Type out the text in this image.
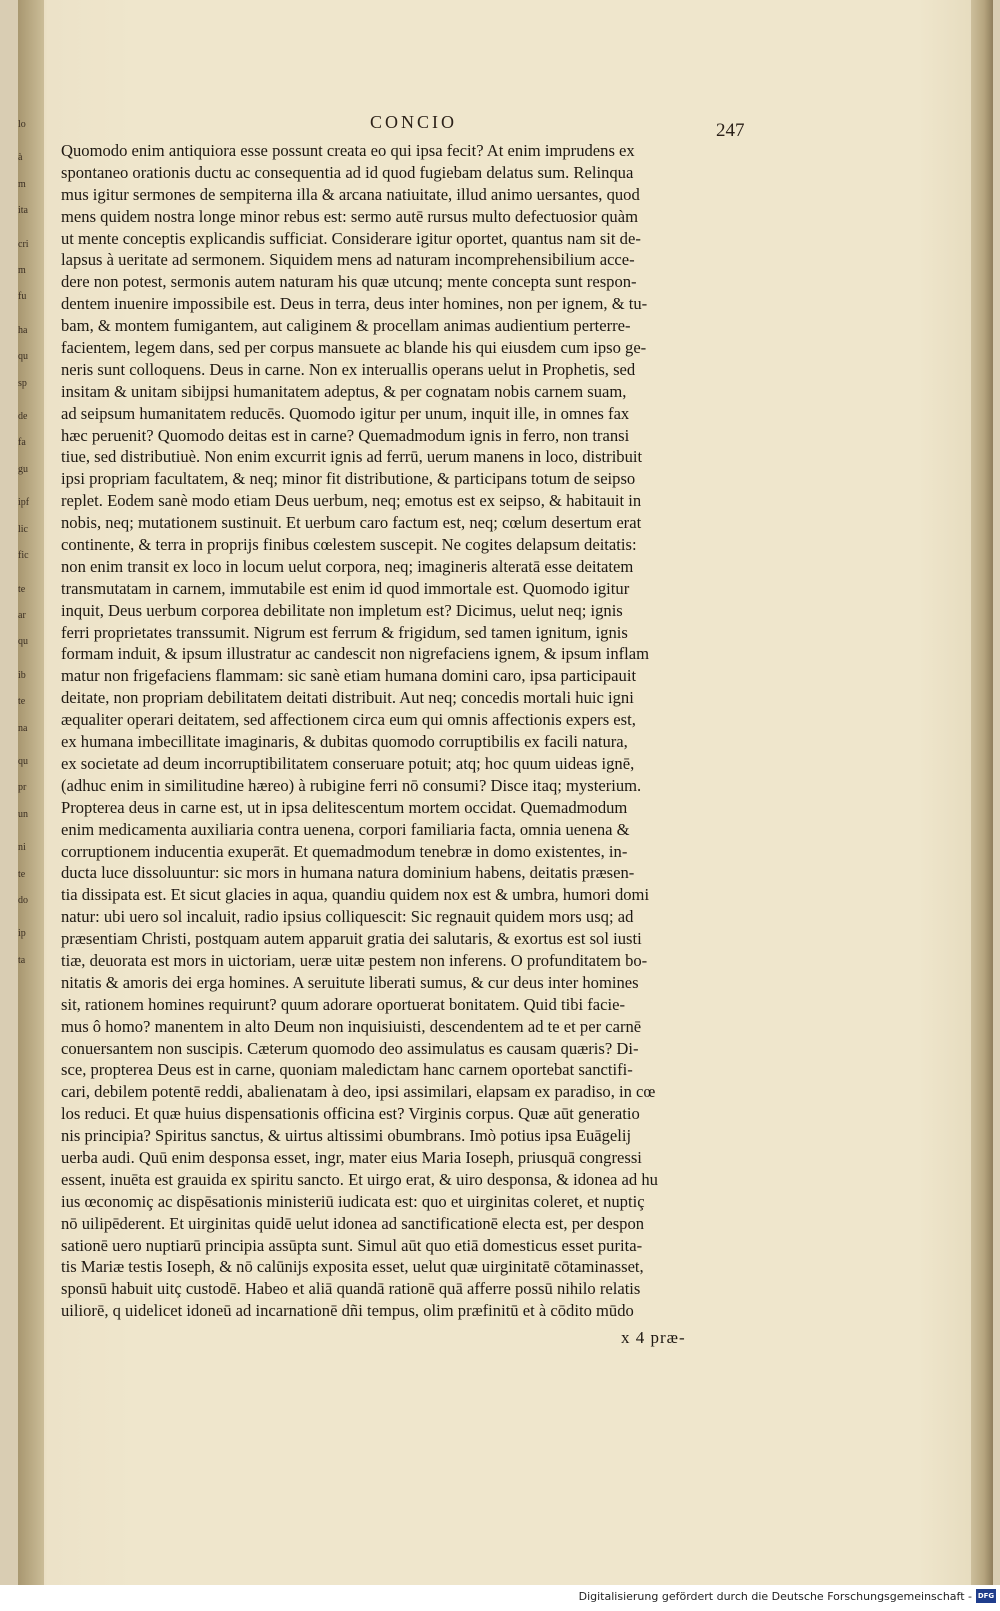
lo
à
m
ita
cri
m
fu
ha
qu
sp
de
fa
gu
ipf
lic
fic
te
ar
qu
ib
te
na
qu
pr
un
ni
te
do
ip
ta
CONCIO	247
Quomodo enim antiquiora esse possunt creata eo qui ipsa fecit? At enim imprudens ex
spontaneo orationis ductu ac consequentia ad id quod fugiebam delatus sum. Relinqua
mus igitur sermones de sempiterna illa & arcana natiuitate, illud animo uersantes, quod
mens quidem nostra longe minor rebus est: sermo autē rursus multo defectuosior quàm
ut mente conceptis explicandis sufficiat. Considerare igitur oportet, quantus nam sit de-
lapsus à ueritate ad sermonem. Siquidem mens ad naturam incomprehensibilium acce-
dere non potest, sermonis autem naturam his quæ utcunq; mente concepta sunt respon-
dentem inuenire impossibile est. Deus in terra, deus inter homines, non per ignem, & tu-
bam, & montem fumigantem, aut caliginem & procellam animas audientium perterre-
facientem, legem dans, sed per corpus mansuete ac blande his qui eiusdem cum ipso ge-
neris sunt colloquens. Deus in carne. Non ex interuallis operans uelut in Prophetis, sed
insitam & unitam sibijpsi humanitatem adeptus, & per cognatam nobis carnem suam,
ad seipsum humanitatem reducēs. Quomodo igitur per unum, inquit ille, in omnes fax
hæc peruenit? Quomodo deitas est in carne? Quemadmodum ignis in ferro, non transi
tiue, sed distributiuè. Non enim excurrit ignis ad ferrū, uerum manens in loco, distribuit
ipsi propriam facultatem, & neq; minor fit distributione, & participans totum de seipso
replet. Eodem sanè modo etiam Deus uerbum, neq; emotus est ex seipso, & habitauit in
nobis, neq; mutationem sustinuit. Et uerbum caro factum est, neq; cœlum desertum erat
continente, & terra in proprijs finibus cœlestem suscepit. Ne cogites delapsum deitatis:
non enim transit ex loco in locum uelut corpora, neq; imagineris alteratā esse deitatem
transmutatam in carnem, immutabile est enim id quod immortale est. Quomodo igitur
inquit, Deus uerbum corporea debilitate non impletum est? Dicimus, uelut neq; ignis
ferri proprietates transsumit. Nigrum est ferrum & frigidum, sed tamen ignitum, ignis
formam induit, & ipsum illustratur ac candescit non nigrefaciens ignem, & ipsum inflam
matur non frigefaciens flammam: sic sanè etiam humana domini caro, ipsa participauit
deitate, non propriam debilitatem deitati distribuit. Aut neq; concedis mortali huic igni
æqualiter operari deitatem, sed affectionem circa eum qui omnis affectionis expers est,
ex humana imbecillitate imaginaris, & dubitas quomodo corruptibilis ex facili natura,
ex societate ad deum incorruptibilitatem conseruare potuit; atq; hoc quum uideas ignē,
(adhuc enim in similitudine hæreo) à rubigine ferri nō consumi? Disce itaq; mysterium.
Propterea deus in carne est, ut in ipsa delitescentum mortem occidat. Quemadmodum
enim medicamenta auxiliaria contra uenena, corpori familiaria facta, omnia uenena &
corruptionem inducentia exuperāt. Et quemadmodum tenebræ in domo existentes, in-
ducta luce dissoluuntur: sic mors in humana natura dominium habens, deitatis præsen-
tia dissipata est. Et sicut glacies in aqua, quandiu quidem nox est & umbra, humori domi
natur: ubi uero sol incaluit, radio ipsius colliquescit: Sic regnauit quidem mors usq; ad
præsentiam Christi, postquam autem apparuit gratia dei salutaris, & exortus est sol iusti
tiæ, deuorata est mors in uictoriam, ueræ uitæ pestem non inferens. O profunditatem bo-
nitatis & amoris dei erga homines. A seruitute liberati sumus, & cur deus inter homines
sit, rationem homines requirunt? quum adorare oportuerat bonitatem. Quid tibi facie-
mus ô homo? manentem in alto Deum non inquisiuisti, descendentem ad te et per carnē
conuersantem non suscipis. Cæterum quomodo deo assimulatus es causam quæris? Di-
sce, propterea Deus est in carne, quoniam maledictam hanc carnem oportebat sanctifi-
cari, debilem potentē reddi, abalienatam à deo, ipsi assimilari, elapsam ex paradiso, in cœ
los reduci. Et quæ huius dispensationis officina est? Virginis corpus. Quæ aūt generatio
nis principia? Spiritus sanctus, & uirtus altissimi obumbrans. Imò potius ipsa Euāgelij
uerba audi. Quū enim desponsa esset, ingr, mater eius Maria Ioseph, priusquā congressi
essent, inuēta est grauida ex spiritu sancto. Et uirgo erat, & uiro desponsa, & idonea ad hu
ius œconomiç ac dispēsationis ministeriū iudicata est: quo et uirginitas coleret, et nuptiç
nō uilipēderent. Et uirginitas quidē uelut idonea ad sanctificationē electa est, per despon
sationē uero nuptiarū principia assūpta sunt. Simul aūt quo etiā domesticus esset purita-
tis Mariæ testis Ioseph, & nō calūnijs exposita esset, uelut quæ uirginitatē cōtaminasset,
sponsū habuit uitç custodē. Habeo et aliā quandā rationē quā afferre possū nihilo relatis
uiliorē, q uidelicet idoneū ad incarnationē dñi tempus, olim præfinitū et à cōdito mūdo
x 4 præ-
Digitalisierung gefördert durch die Deutsche Forschungsgemeinschaft - DFG
